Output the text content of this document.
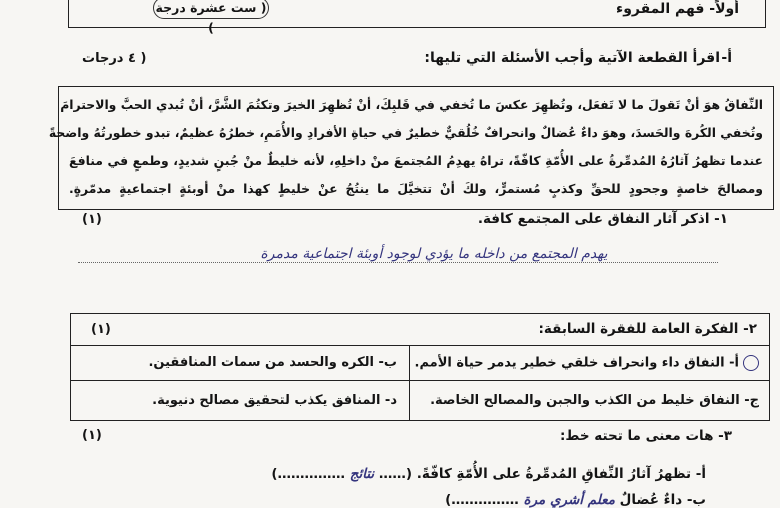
أولاً- فهم المقروء
( ست عشرة درجة )
أ-
اقرأ القطعة الآتية وأجب الأسئلة التي تليها:
( ٤ درجات
النِّفاقُ هوَ أنْ تَقولَ ما لا تَفعَل، وتُظهِرَ عكسَ ما تُخفي في قَلبِكَ، أنْ تُظهِرَ الخيرَ وتكتُمَ الشَّرَّ، أنْ تُبدي الحبَّ والاحترامَ
وتُخفي الكُرهَ والحَسدَ، وهوَ داءٌ عُضالٌ وانحرافٌ خُلُقيٌّ خطيرٌ في حياةِ الأفرادِ والأُمَمِ، خطرُهُ عظيمٌ، تبدو خطورتُهُ واضحةً
عندما تظهرُ آثارُهُ المُدمِّرةُ على الأُمّةِ كافّةً، تراهُ يهدِمُ المُجتمعَ منْ داخلِهِ، لأنه خليطٌ منْ جُبنٍ شديدٍ، وطمعٍ في منافعَ
ومصالحَ خاصةٍ وجحودٍ للحقِّ وكذبٍ مُستمرٍّ، ولكَ أنْ تتخيَّلَ ما ينتُجُ عنْ خليطٍ كهذا منْ أوبئةٍ اجتماعيةٍ مدمّرةٍ.
١- اذكر آثار النفاق على المجتمع كافة.
(١)
يهدم المجتمع من داخله ما يؤدي لوجود أوبئة اجتماعية مدمرة
٢- الفكرة العامة للفقرة السابقة:
(١)
أ- النفاق داء وانحراف خلقي خطير يدمر حياة الأمم.
ب- الكره والحسد من سمات المنافقين.
ج- النفاق خليط من الكذب والجبن والمصالح الخاصة.
د- المنافق يكذب لتحقيق مصالح دنيوية.
٣- هات معنى ما تحته خط:
(١)
أ- تظهرُ آثارُ النِّفاقِ المُدمِّرةُ على الأُمّةِ كافّةً. (…… نتائج ……………)
ب- داءٌ عُضالٌ معلم أشري مرة ……………)
